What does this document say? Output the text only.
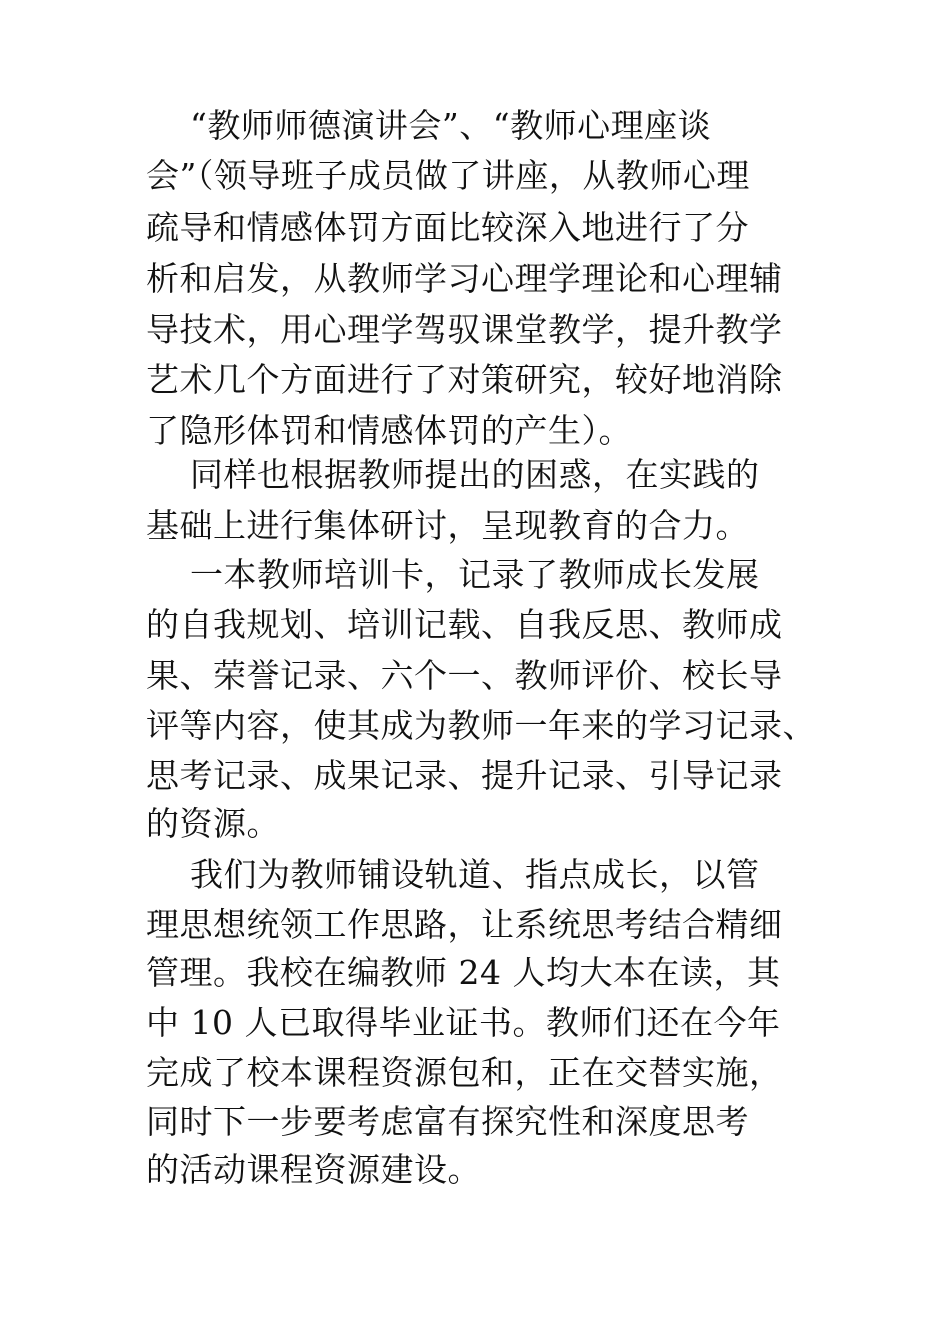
“教师师德演讲会”、“教师心理座谈
会”（领导班子成员做了讲座，从教师心理
疏导和情感体罚方面比较深入地进行了分
析和启发，从教师学习心理学理论和心理辅
导技术，用心理学驾驭课堂教学，提升教学
艺术几个方面进行了对策研究，较好地消除
了隐形体罚和情感体罚的产生）。
同样也根据教师提出的困惑，在实践的
基础上进行集体研讨，呈现教育的合力。
一本教师培训卡，记录了教师成长发展
的自我规划、培训记载、自我反思、教师成
果、荣誉记录、六个一、教师评价、校长导
评等内容，使其成为教师一年来的学习记录、
思考记录、成果记录、提升记录、引导记录
的资源。
我们为教师铺设轨道、指点成长，以管
理思想统领工作思路，让系统思考结合精细
管理。我校在编教师 24 人均大本在读，其
中 10 人已取得毕业证书。教师们还在今年
完成了校本课程资源包和，正在交替实施，
同时下一步要考虑富有探究性和深度思考
的活动课程资源建设。
